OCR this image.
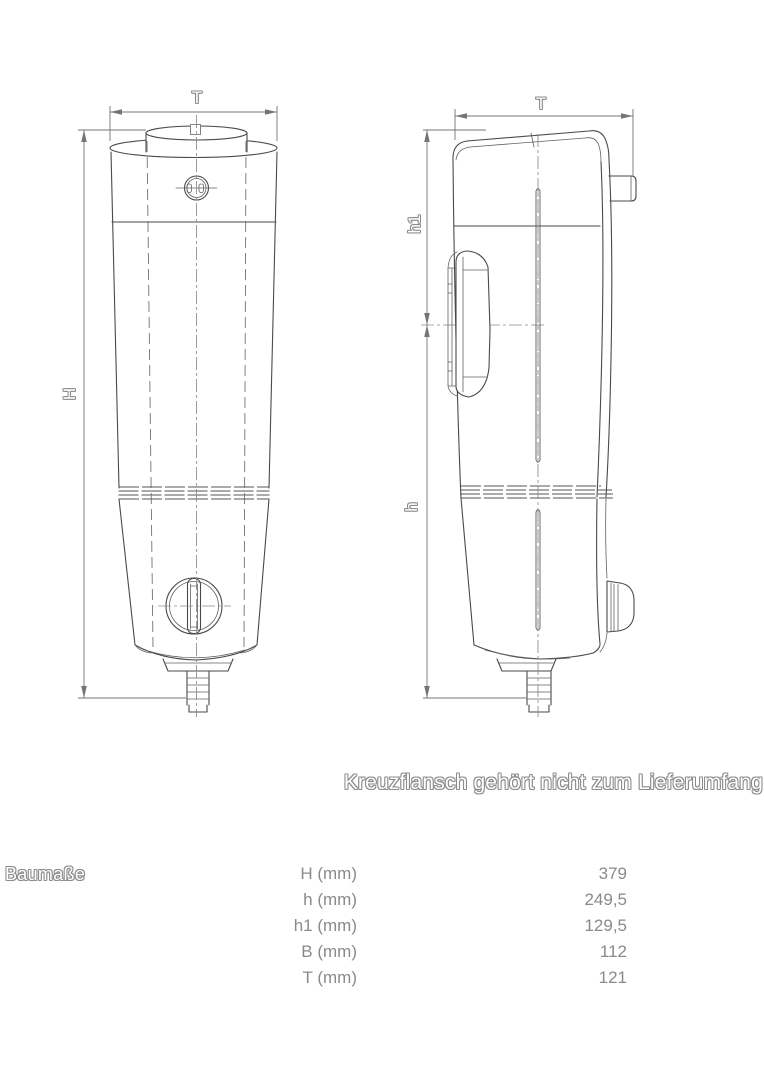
T
H
T
h1
h
Kreuzflansch gehört nicht zum Lieferumfang
Baumaße	H (mm)	379
h (mm)	249,5
h1 (mm)	129,5
B (mm)	112
T (mm)	121
